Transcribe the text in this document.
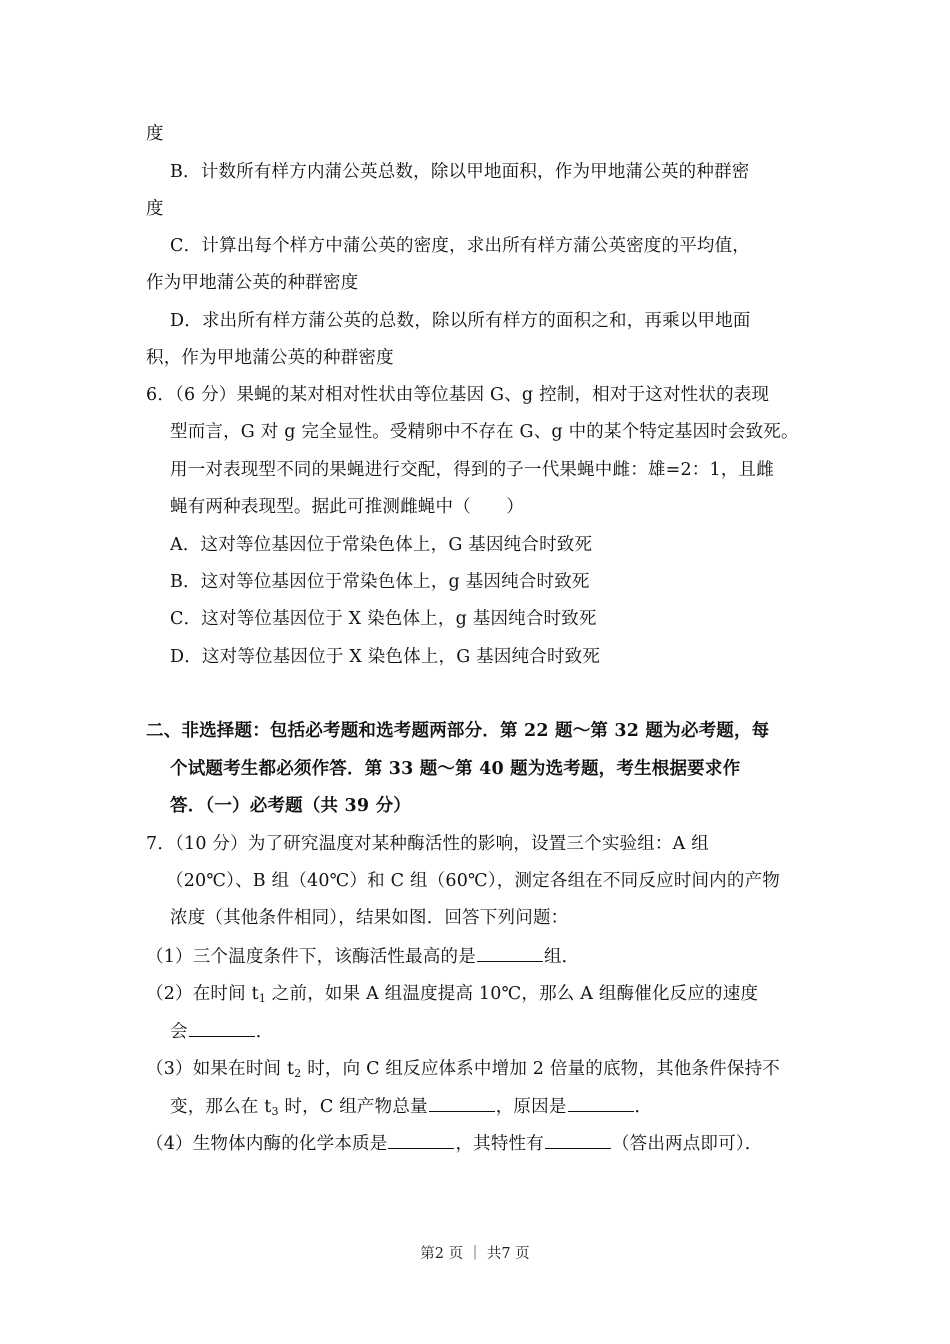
度
B．计数所有样方内蒲公英总数，除以甲地面积，作为甲地蒲公英的种群密
度
C．计算出每个样方中蒲公英的密度，求出所有样方蒲公英密度的平均值，
作为甲地蒲公英的种群密度
D．求出所有样方蒲公英的总数，除以所有样方的面积之和，再乘以甲地面
积，作为甲地蒲公英的种群密度
6．（6 分）果蝇的某对相对性状由等位基因 G、g 控制，相对于这对性状的表现
型而言，G 对 g 完全显性。受精卵中不存在 G、g 中的某个特定基因时会致死。
用一对表现型不同的果蝇进行交配，得到的子一代果蝇中雌：雄=2：1，且雌
蝇有两种表现型。据此可推测雌蝇中（　　）
A．这对等位基因位于常染色体上，G 基因纯合时致死
B．这对等位基因位于常染色体上，g 基因纯合时致死
C．这对等位基因位于 X 染色体上，g 基因纯合时致死
D．这对等位基因位于 X 染色体上，G 基因纯合时致死
二、非选择题：包括必考题和选考题两部分．第 22 题～第 32 题为必考题，每
个试题考生都必须作答．第 33 题～第 40 题为选考题，考生根据要求作
答．（一）必考题（共 39 分）
7．（10 分）为了研究温度对某种酶活性的影响，设置三个实验组：A 组
（20℃）、B 组（40℃）和 C 组（60℃），测定各组在不同反应时间内的产物
浓度（其他条件相同），结果如图．回答下列问题：
（1）三个温度条件下，该酶活性最高的是	组．
（2）在时间 $t_1$ 之前，如果 A 组温度提高 10℃，那么 A 组酶催化反应的速度
会	．
（3）如果在时间 $t_2$ 时，向 C 组反应体系中增加 2 倍量的底物，其他条件保持不
变，那么在 $t_3$ 时，C 组产物总量	，原因是	．
（4）生物体内酶的化学本质是	，其特性有	（答出两点即可）．
第2 页 ｜ 共7 页
